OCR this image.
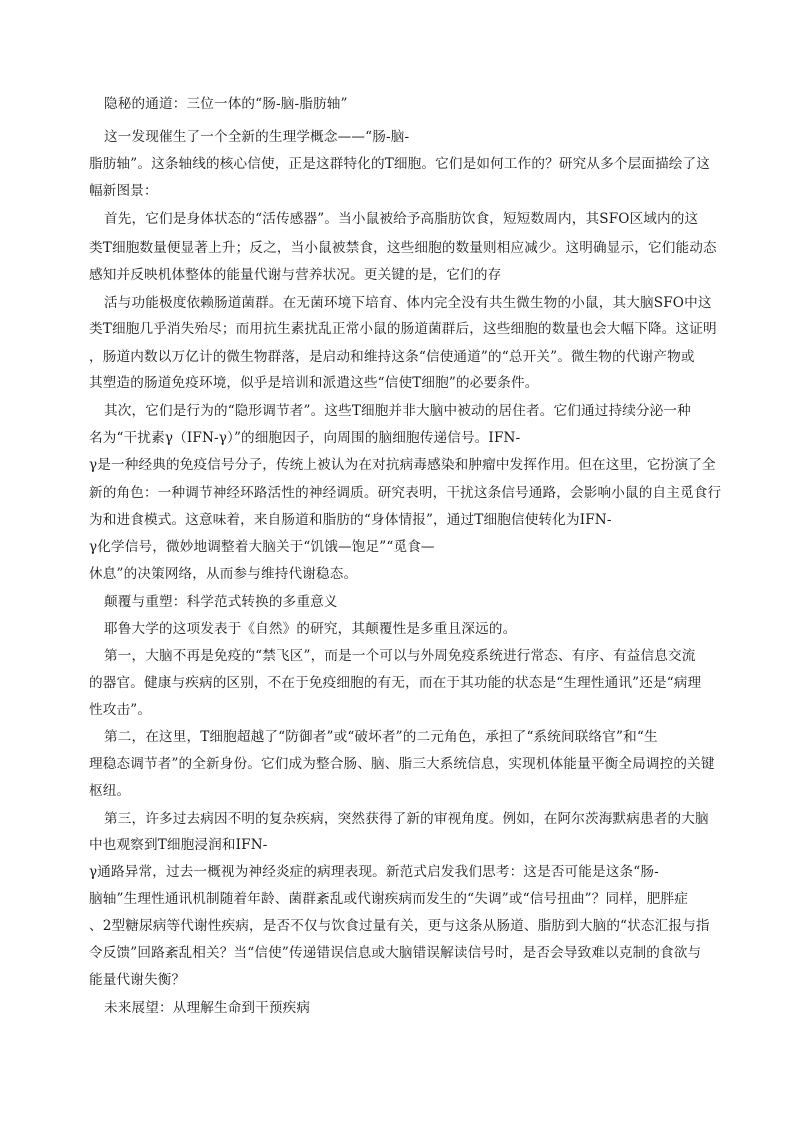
隐秘的通道：三位一体的“肠-脑-脂肪轴”
这一发现催生了一个全新的生理学概念——“肠-脑-
脂肪轴”。这条轴线的核心信使，正是这群特化的T细胞。它们是如何工作的？研究从多个层面描绘了这
幅新图景：
首先，它们是身体状态的“活传感器”。当小鼠被给予高脂肪饮食，短短数周内，其SFO区域内的这
类T细胞数量便显著上升；反之，当小鼠被禁食，这些细胞的数量则相应减少。这明确显示，它们能动态
感知并反映机体整体的能量代谢与营养状况。更关键的是，它们的存
活与功能极度依赖肠道菌群。在无菌环境下培育、体内完全没有共生微生物的小鼠，其大脑SFO中这
类T细胞几乎消失殆尽；而用抗生素扰乱正常小鼠的肠道菌群后，这些细胞的数量也会大幅下降。这证明
，肠道内数以万亿计的微生物群落，是启动和维持这条“信使通道”的“总开关”。微生物的代谢产物或
其塑造的肠道免疫环境，似乎是培训和派遣这些“信使T细胞”的必要条件。
其次，它们是行为的“隐形调节者”。这些T细胞并非大脑中被动的居住者。它们通过持续分泌一种
名为“干扰素γ（IFN-γ）”的细胞因子，向周围的脑细胞传递信号。IFN-
γ是一种经典的免疫信号分子，传统上被认为在对抗病毒感染和肿瘤中发挥作用。但在这里，它扮演了全
新的角色：一种调节神经环路活性的神经调质。研究表明，干扰这条信号通路，会影响小鼠的自主觅食行
为和进食模式。这意味着，来自肠道和脂肪的“身体情报”，通过T细胞信使转化为IFN-
γ化学信号，微妙地调整着大脑关于“饥饿—饱足”“觅食—
休息”的决策网络，从而参与维持代谢稳态。
颠覆与重塑：科学范式转换的多重意义
耶鲁大学的这项发表于《自然》的研究，其颠覆性是多重且深远的。
第一，大脑不再是免疫的“禁飞区”，而是一个可以与外周免疫系统进行常态、有序、有益信息交流
的器官。健康与疾病的区别，不在于免疫细胞的有无，而在于其功能的状态是“生理性通讯”还是“病理
性攻击”。
第二，在这里，T细胞超越了“防御者”或“破坏者”的二元角色，承担了“系统间联络官”和“生
理稳态调节者”的全新身份。它们成为整合肠、脑、脂三大系统信息，实现机体能量平衡全局调控的关键
枢纽。
第三，许多过去病因不明的复杂疾病，突然获得了新的审视角度。例如，在阿尔茨海默病患者的大脑
中也观察到T细胞浸润和IFN-
γ通路异常，过去一概视为神经炎症的病理表现。新范式启发我们思考：这是否可能是这条“肠-
脑轴”生理性通讯机制随着年龄、菌群紊乱或代谢疾病而发生的“失调”或“信号扭曲”？同样，肥胖症
、2型糖尿病等代谢性疾病，是否不仅与饮食过量有关，更与这条从肠道、脂肪到大脑的“状态汇报与指
令反馈”回路紊乱相关？当“信使”传递错误信息或大脑错误解读信号时，是否会导致难以克制的食欲与
能量代谢失衡？
未来展望：从理解生命到干预疾病
